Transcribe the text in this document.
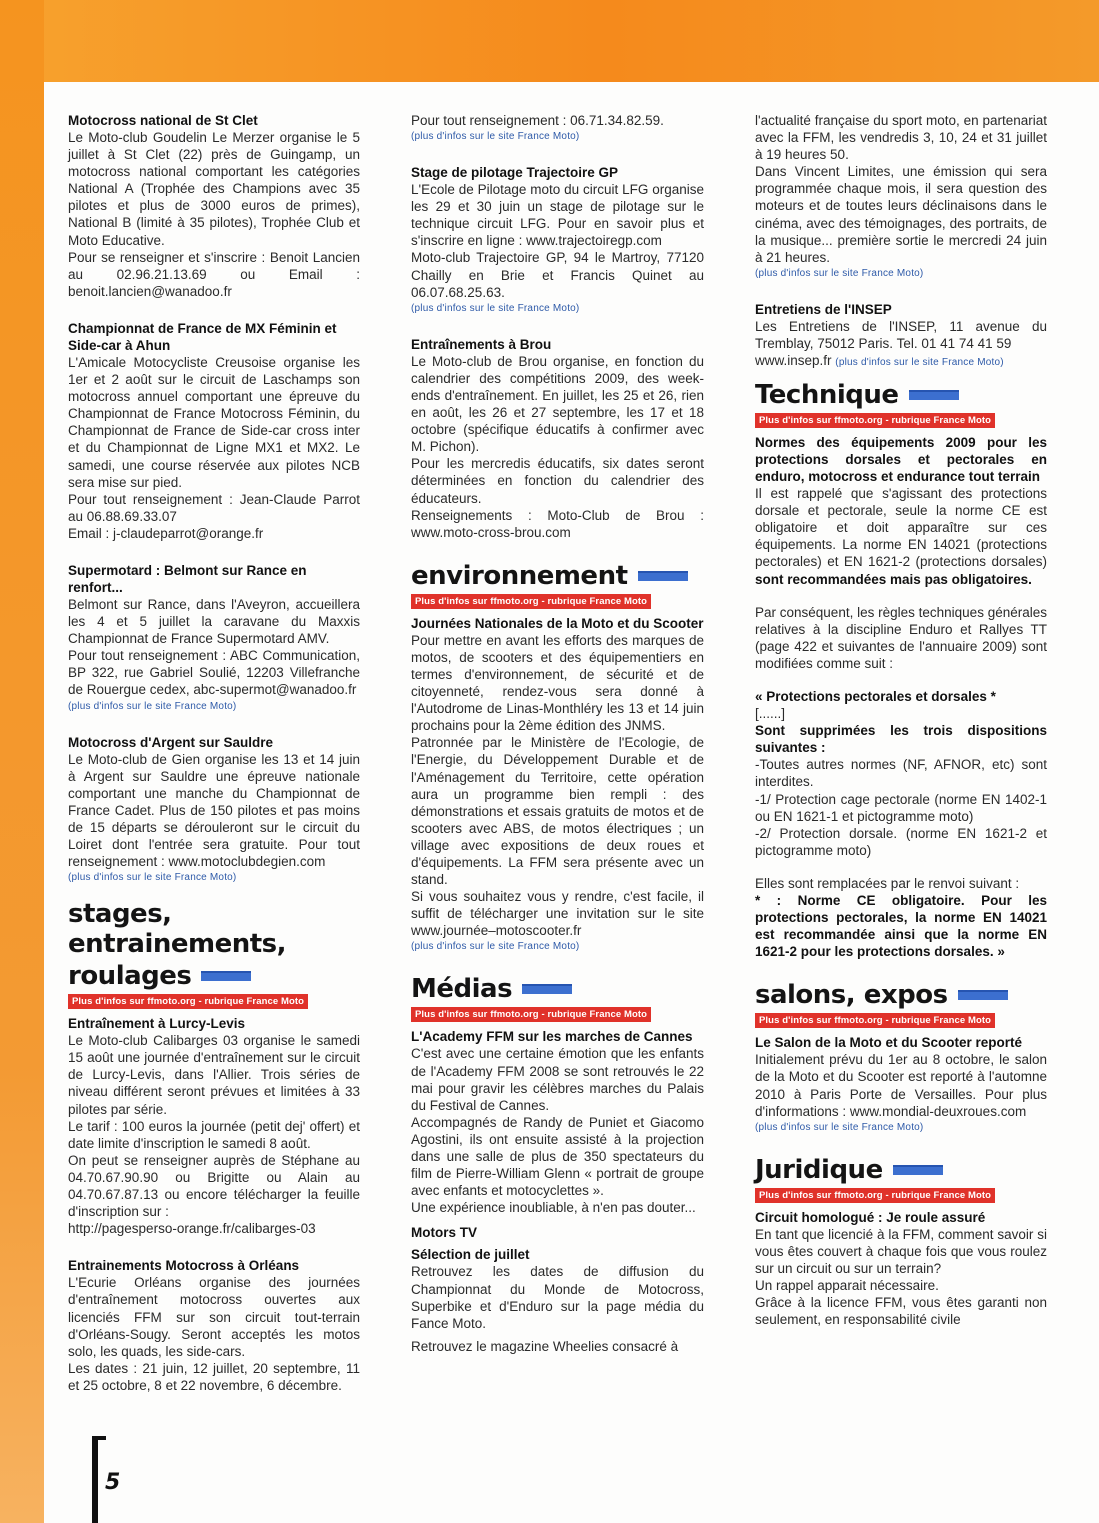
Motocross national de St Clet

Le Moto-club Goudelin Le Merzer organise le 5 juillet à St Clet (22) près de Guingamp, un motocross national comportant les catégories National A (Trophée des Champions avec 35 pilotes et plus de 3000 euros de primes), National B (limité à 35 pilotes), Trophée Club et Moto Educative.

Pour se renseigner et s'inscrire : Benoit Lancien au 02.96.21.13.69 ou Email : benoit.lancien@wanadoo.fr

Championnat de France de MX Féminin et Side-car à Ahun

L'Amicale Motocycliste Creusoise organise les 1er et 2 août sur le circuit de Laschamps son motocross annuel comportant une épreuve du Championnat de France Motocross Féminin, du Championnat de France de Side-car cross inter et du Championnat de Ligne MX1 et MX2. Le samedi, une course réservée aux pilotes NCB sera mise sur pied.

Pour tout renseignement : Jean-Claude Parrot au 06.88.69.33.07

Email : j-claudeparrot@orange.fr

Supermotard : Belmont sur Rance en renfort...

Belmont sur Rance, dans l'Aveyron, accueillera les 4 et 5 juillet la caravane du Maxxis Championnat de France Supermotard AMV.

Pour tout renseignement : ABC Communication, BP 322, rue Gabriel Soulié, 12203 Villefranche de Rouergue cedex, abc-supermot@wanadoo.fr

(plus d'infos sur le site France Moto)
Motocross d'Argent sur Sauldre

Le Moto-club de Gien organise les 13 et 14 juin à Argent sur Sauldre une épreuve nationale comportant une manche du Championnat de France Cadet. Plus de 150 pilotes et pas moins de 15 départs se dérouleront sur le circuit du Loiret dont l'entrée sera gratuite. Pour tout renseignement : www.motoclubdegien.com

(plus d'infos sur le site France Moto)
stages, entrainements,
roulages
Plus d'infos sur ffmoto.org - rubrique France Moto
Entraînement à Lurcy-Levis

Le Moto-club Calibarges 03 organise le samedi 15 août une journée d'entraînement sur le circuit de Lurcy-Levis, dans l'Allier. Trois séries de niveau différent seront prévues et limitées à 33 pilotes par série.

Le tarif : 100 euros la journée (petit dej' offert) et date limite d'inscription le samedi 8 août.

On peut se renseigner auprès de Stéphane au 04.70.67.90.90 ou Brigitte ou Alain au 04.70.67.87.13 ou encore télécharger la feuille d'inscription sur :

http://pagesperso-orange.fr/calibarges-03

Entrainements Motocross à Orléans

L'Ecurie Orléans organise des journées d'entraînement motocross ouvertes aux licenciés FFM sur son circuit tout-terrain d'Orléans-Sougy. Seront acceptés les motos solo, les quads, les side-cars.

Les dates : 21 juin, 12 juillet, 20 septembre, 11 et 25 octobre, 8 et 22 novembre, 6 décembre.

Pour tout renseignement : 06.71.34.82.59.

(plus d'infos sur le site France Moto)
Stage de pilotage Trajectoire GP

L'Ecole de Pilotage moto du circuit LFG organise les 29 et 30 juin un stage de pilotage sur le technique circuit LFG. Pour en savoir plus et s'inscrire en ligne : www.trajectoiregp.com

Moto-club Trajectoire GP, 94 le Martroy, 77120 Chailly en Brie et Francis Quinet au 06.07.68.25.63.

(plus d'infos sur le site France Moto)
Entraînements à Brou

Le Moto-club de Brou organise, en fonction du calendrier des compétitions 2009, des week-ends d'entraînement. En juillet, les 25 et 26, rien en août, les 26 et 27 septembre, les 17 et 18 octobre (spécifique éducatifs à confirmer avec M. Pichon).

Pour les mercredis éducatifs, six dates seront déterminées en fonction du calendrier des éducateurs.

Renseignements : Moto-Club de Brou : www.moto-cross-brou.com

environnement
Plus d'infos sur ffmoto.org - rubrique France Moto
Journées Nationales de la Moto et du Scooter

Pour mettre en avant les efforts des marques de motos, de scooters et des équipementiers en termes d'environnement, de sécurité et de citoyenneté, rendez-vous sera donné à l'Autodrome de Linas-Monthléry les 13 et 14 juin prochains pour la 2ème édition des JNMS.

Patronnée par le Ministère de l'Ecologie, de l'Energie, du Développement Durable et de l'Aménagement du Territoire, cette opération aura un programme bien rempli : des démonstrations et essais gratuits de motos et de scooters avec ABS, de motos électriques ; un village avec expositions de deux roues et d'équipements. La FFM sera présente avec un stand.

Si vous souhaitez vous y rendre, c'est facile, il suffit de télécharger une invitation sur le site www.journée–motoscooter.fr

(plus d'infos sur le site France Moto)
Médias
Plus d'infos sur ffmoto.org - rubrique France Moto
L'Academy FFM sur les marches de Cannes

C'est avec une certaine émotion que les enfants de l'Academy FFM 2008 se sont retrouvés le 22 mai pour gravir les célèbres marches du Palais du Festival de Cannes.

Accompagnés de Randy de Puniet et Giacomo Agostini, ils ont ensuite assisté à la projection dans une salle de plus de 350 spectateurs du film de Pierre-William Glenn « portrait de groupe avec enfants et motocyclettes ».

Une expérience inoubliable, à n'en pas douter...

Motors TV
Sélection de juillet

Retrouvez les dates de diffusion du Championnat du Monde de Motocross, Superbike et d'Enduro sur la page média du Fance Moto.

Retrouvez le magazine Wheelies consacré à

l'actualité française du sport moto, en partenariat avec la FFM, les vendredis 3, 10, 24 et 31 juillet à 19 heures 50.

Dans Vincent Limites, une émission qui sera programmée chaque mois, il sera question des moteurs et de toutes leurs déclinaisons dans le cinéma, avec des témoignages, des portraits, de la musique... première sortie le mercredi 24 juin à 21 heures.

(plus d'infos sur le site France Moto)
Entretiens de l'INSEP

Les Entretiens de l'INSEP, 11 avenue du Tremblay, 75012 Paris. Tel. 01 41 74 41 59

www.insep.fr (plus d'infos sur le site France Moto)

Technique
Plus d'infos sur ffmoto.org - rubrique France Moto
Normes des équipements 2009 pour les protections dorsales et pectorales en enduro, motocross et endurance tout terrain

Il est rappelé que s'agissant des protections dorsale et pectorale, seule la norme CE est obligatoire et doit apparaître sur ces équipements. La norme EN 14021 (protections pectorales) et EN 1621-2 (protections dorsales) sont recommandées mais pas obligatoires.

Par conséquent, les règles techniques générales relatives à la discipline Enduro et Rallyes TT (page 422 et suivantes de l'annuaire 2009) sont modifiées comme suit :

« Protections pectorales et dorsales *

[......]

Sont supprimées les trois dispositions suivantes :

-Toutes autres normes (NF, AFNOR, etc) sont interdites.

-1/ Protection cage pectorale (norme EN 1402-1 ou EN 1621-1 et pictogramme moto)

-2/ Protection dorsale. (norme EN 1621-2 et pictogramme moto)

Elles sont remplacées par le renvoi suivant :

* : Norme CE obligatoire. Pour les protections pectorales, la norme EN 14021 est recommandée ainsi que la norme EN 1621-2 pour les protections dorsales. »

salons, expos
Plus d'infos sur ffmoto.org - rubrique France Moto
Le Salon de la Moto et du Scooter reporté

Initialement prévu du 1er au 8 octobre, le salon de la Moto et du Scooter est reporté à l'automne 2010 à Paris Porte de Versailles. Pour plus d'informations : www.mondial-deuxroues.com

(plus d'infos sur le site France Moto)
Juridique
Plus d'infos sur ffmoto.org - rubrique France Moto
Circuit homologué : Je roule assuré

En tant que licencié à la FFM, comment savoir si vous êtes couvert à chaque fois que vous roulez sur un circuit ou sur un terrain?

Un rappel apparait nécessaire.

Grâce à la licence FFM, vous êtes garanti non seulement, en responsabilité civile

5
